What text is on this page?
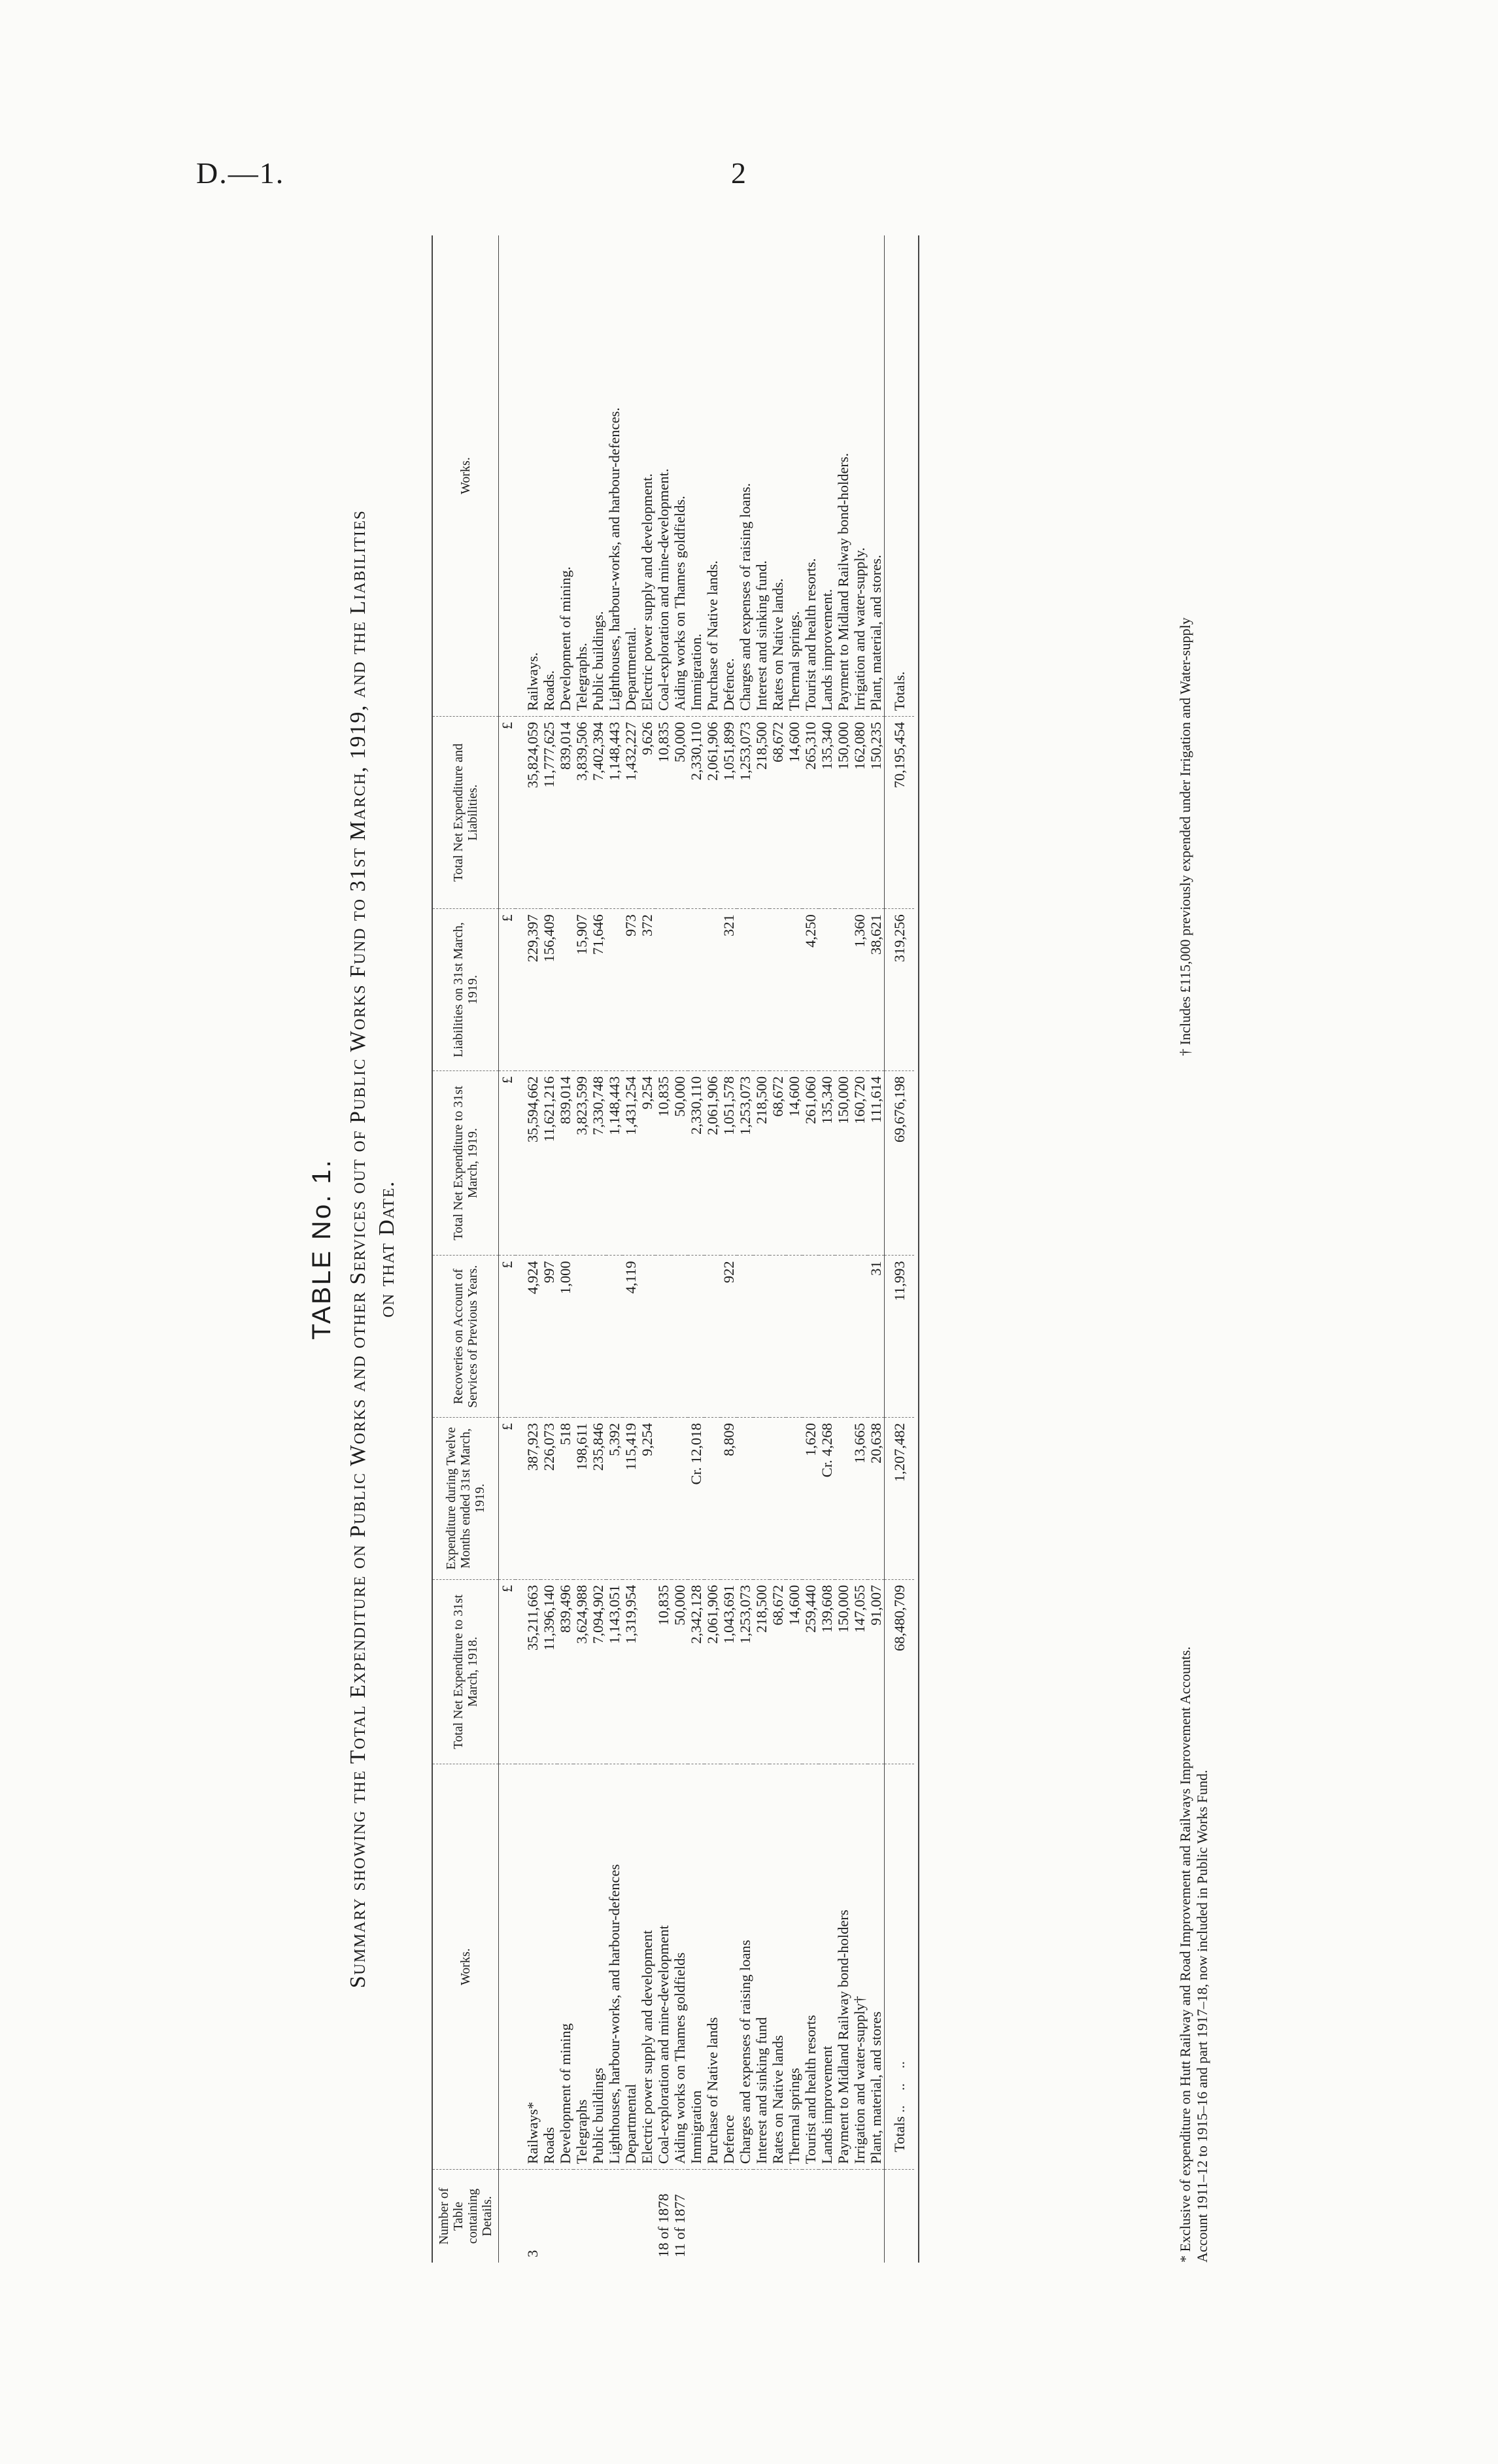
D.—1.	2
TABLE No. 1. Summary showing the Total Expenditure on Public Works and other Services out of Public Works Fund to 31st March, 1919, and the Liabilities on that Date.
Number of Table containing Details.	Works.	Total Net Expenditure to 31st March, 1918.	Expenditure during Twelve Months ended 31st March, 1919.	Recoveries on Account of Services of Previous Years.	Total Net Expenditure to 31st March, 1919.	Liabilities on 31st March, 1919.	Total Net Expenditure and Liabilities.	Works.
		£	£	£	£	£	£	
3	Railways*	35,211,663	387,923	4,924	35,594,662	229,397	35,824,059	Railways.
	Roads	11,396,140	226,073	997	11,621,216	156,409	11,777,625	Roads.
	Development of mining	839,496	518	1,000	839,014		839,014	Development of mining.
	Telegraphs	3,624,988	198,611		3,823,599	15,907	3,839,506	Telegraphs.
	Public buildings	7,094,902	235,846		7,330,748	71,646	7,402,394	Public buildings.
	Lighthouses, harbour-works, and harbour-defences	1,143,051	5,392		1,148,443		1,148,443	Lighthouses, harbour-works, and harbour-defences.
	Departmental	1,319,954	115,419	4,119	1,431,254	973	1,432,227	Departmental.
	Electric power supply and development		9,254		9,254	372	9,626	Electric power supply and development.
18 of 1878	Coal-exploration and mine-development	10,835			10,835		10,835	Coal-exploration and mine-development.
11 of 1877	Aiding works on Thames goldfields	50,000			50,000		50,000	Aiding works on Thames goldfields.
	Immigration	2,342,128	Cr. 12,018		2,330,110		2,330,110	Immigration.
	Purchase of Native lands	2,061,906			2,061,906		2,061,906	Purchase of Native lands.
	Defence	1,043,691	8,809	922	1,051,578	321	1,051,899	Defence.
	Charges and expenses of raising loans	1,253,073			1,253,073		1,253,073	Charges and expenses of raising loans.
	Interest and sinking fund	218,500			218,500		218,500	Interest and sinking fund.
	Rates on Native lands	68,672			68,672		68,672	Rates on Native lands.
	Thermal springs	14,600			14,600		14,600	Thermal springs.
	Tourist and health resorts	259,440	1,620		261,060	4,250	265,310	Tourist and health resorts.
	Lands improvement	139,608	Cr. 4,268		135,340		135,340	Lands improvement.
	Payment to Midland Railway bond-holders	150,000			150,000		150,000	Payment to Midland Railway bond-holders.
	Irrigation and water-supply†	147,055	13,665		160,720	1,360	162,080	Irrigation and water-supply.
	Plant, material, and stores	91,007	20,638	31	111,614	38,621	150,235	Plant, material, and stores.
	Totals ..    ..    ..	68,480,709	1,207,482	11,993	69,676,198	319,256	70,195,454	Totals.

* Exclusive of expenditure on Hutt Railway and Road Improvement and Railways Improvement Accounts. Account 1911–12 to 1915–16 and part 1917–18, now included in Public Works Fund.
† Includes £115,000 previously expended under Irrigation and Water-supply
